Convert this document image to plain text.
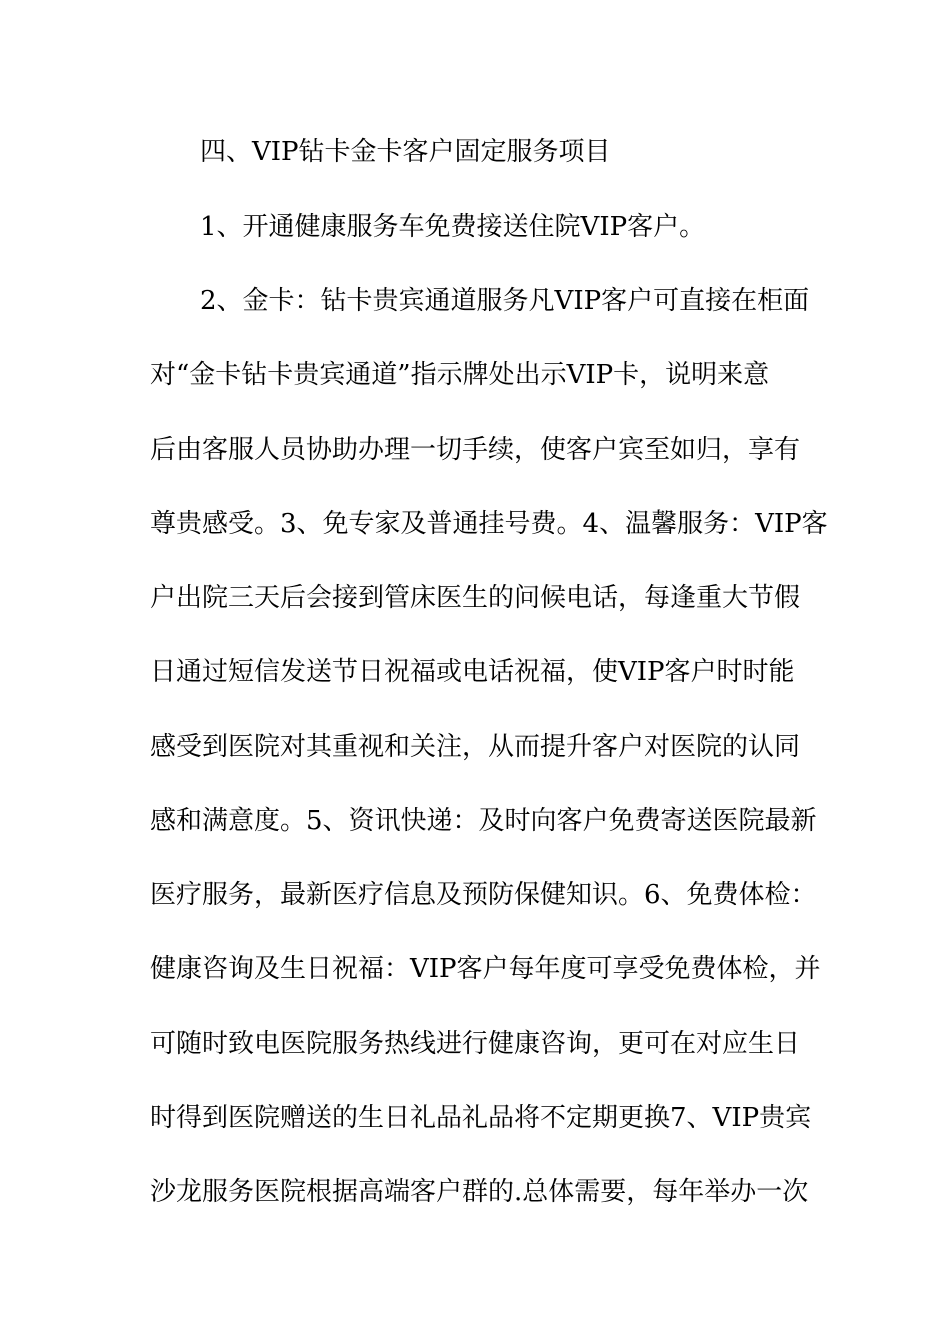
四、VIP钻卡金卡客户固定服务项目
1、开通健康服务车免费接送住院VIP客户。
2、金卡：钻卡贵宾通道服务凡VIP客户可直接在柜面
对“金卡钻卡贵宾通道”指示牌处出示VIP卡，说明来意
后由客服人员协助办理一切手续，使客户宾至如归，享有
尊贵感受。3、免专家及普通挂号费。4、温馨服务：VIP客
户出院三天后会接到管床医生的问候电话，每逢重大节假
日通过短信发送节日祝福或电话祝福，使VIP客户时时能
感受到医院对其重视和关注，从而提升客户对医院的认同
感和满意度。5、资讯快递：及时向客户免费寄送医院最新
医疗服务，最新医疗信息及预防保健知识。6、免费体检：
健康咨询及生日祝福：VIP客户每年度可享受免费体检，并
可随时致电医院服务热线进行健康咨询，更可在对应生日
时得到医院赠送的生日礼品礼品将不定期更换7、VIP贵宾
沙龙服务医院根据高端客户群的.总体需要，每年举办一次
